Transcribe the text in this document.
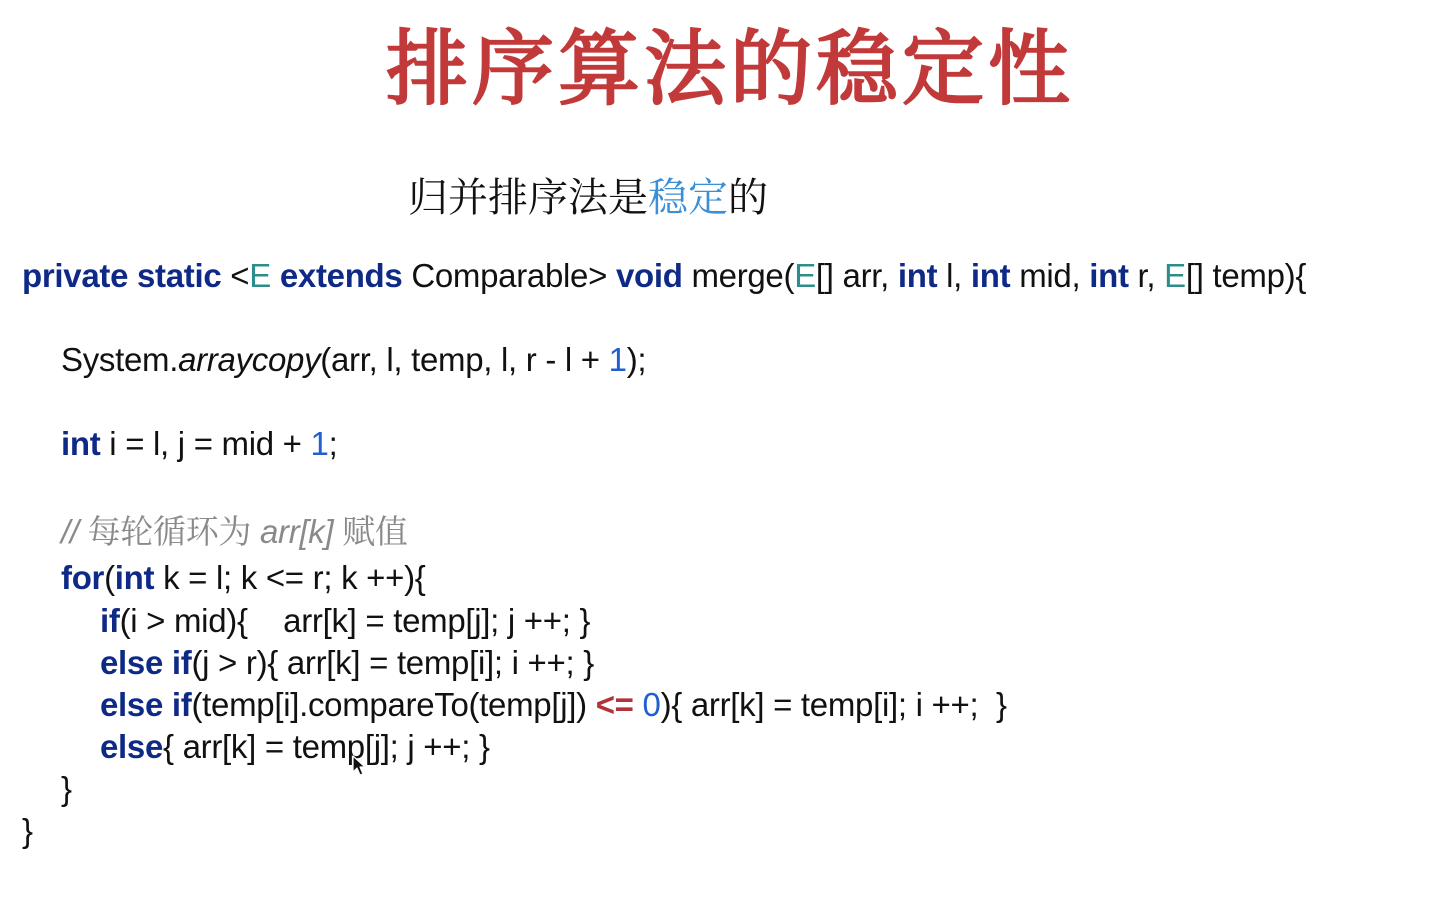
排序算法的稳定性
归并排序法是稳定的

private static <E extends Comparable> void merge(E[] arr, int l, int mid, int r, E[] temp){

System.arraycopy(arr, l, temp, l, r - l + 1);

int i = l, j = mid + 1;

// 每轮循环为 arr[k] 赋值

for(int k = l; k <= r; k ++){

if(i > mid){    arr[k] = temp[j]; j ++; }

else if(j > r){ arr[k] = temp[i]; i ++; }

else if(temp[i].compareTo(temp[j]) <= 0){ arr[k] = temp[i]; i ++;  }

else{ arr[k] = temp[j]; j ++; }

}

}
